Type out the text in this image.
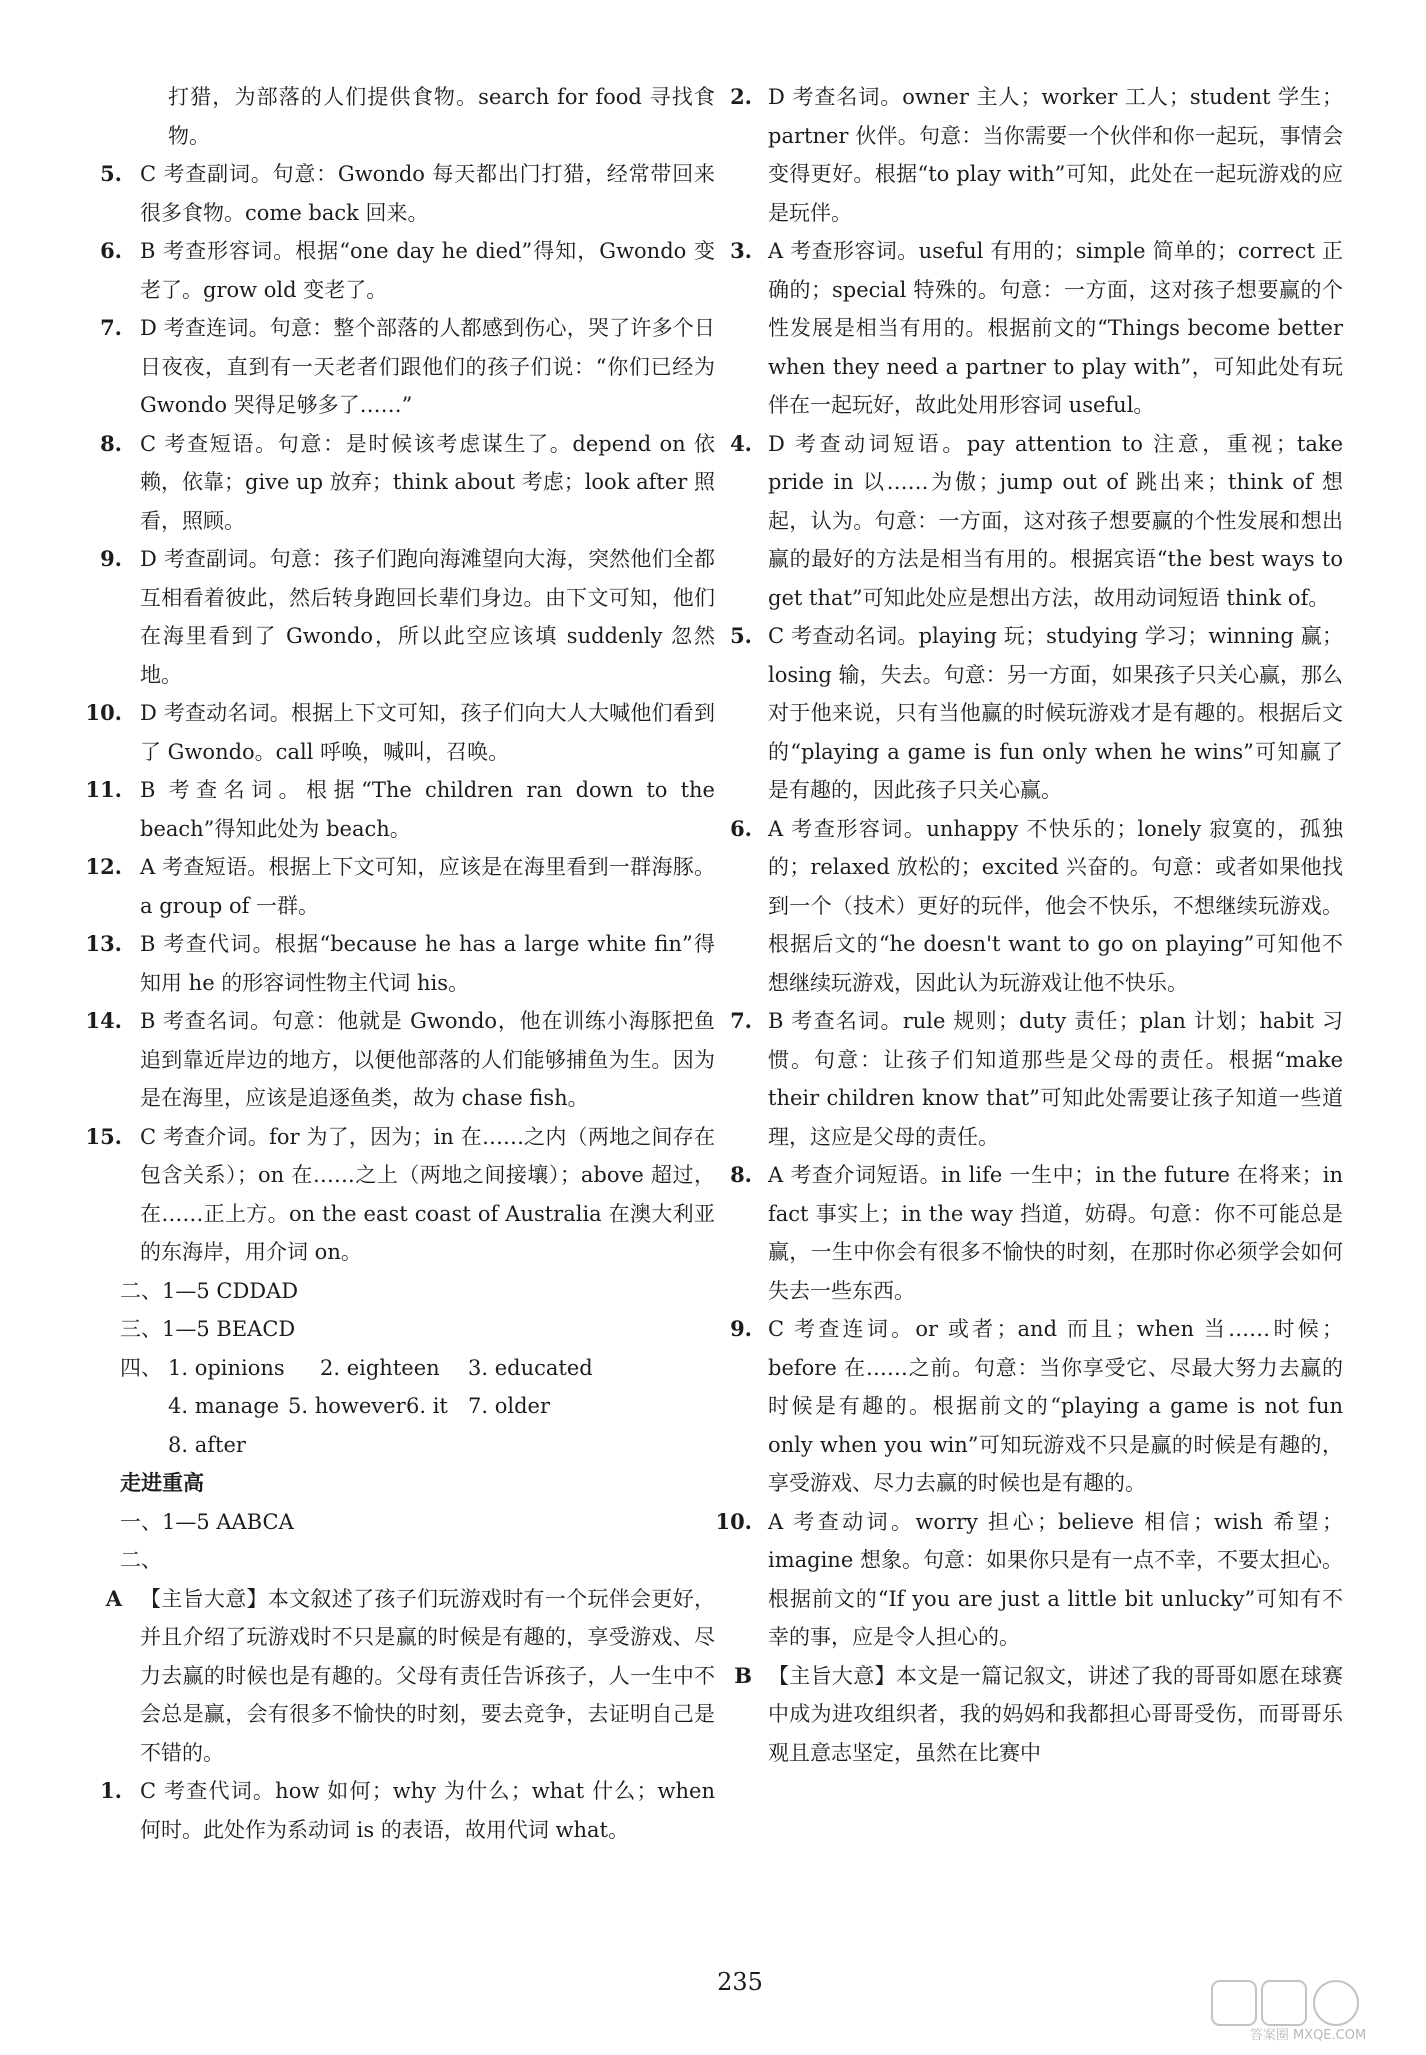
打猎，为部落的人们提供食物。search for food 寻找食物。
5. C 考查副词。句意：Gwondo 每天都出门打猎，经常带回来很多食物。come back 回来。
6. B 考查形容词。根据“one day he died”得知，Gwondo 变老了。grow old 变老了。
7. D 考查连词。句意：整个部落的人都感到伤心，哭了许多个日日夜夜，直到有一天老者们跟他们的孩子们说：“你们已经为 Gwondo 哭得足够多了……”
8. C 考查短语。句意：是时候该考虑谋生了。depend on 依赖，依靠；give up 放弃；think about 考虑；look after 照看，照顾。
9. D 考查副词。句意：孩子们跑向海滩望向大海，突然他们全都互相看着彼此，然后转身跑回长辈们身边。由下文可知，他们在海里看到了 Gwondo，所以此空应该填 suddenly 忽然地。
10. D 考查动名词。根据上下文可知，孩子们向大人大喊他们看到了 Gwondo。call 呼唤，喊叫，召唤。
11. B 考查名词。根据“The children ran down to the beach”得知此处为 beach。
12. A 考查短语。根据上下文可知，应该是在海里看到一群海豚。a group of 一群。
13. B 考查代词。根据“because he has a large white fin”得知用 he 的形容词性物主代词 his。
14. B 考查名词。句意：他就是 Gwondo，他在训练小海豚把鱼追到靠近岸边的地方，以便他部落的人们能够捕鱼为生。因为是在海里，应该是追逐鱼类，故为 chase fish。
15. C 考查介词。for 为了，因为；in 在……之内（两地之间存在包含关系）；on 在……之上（两地之间接壤）；above 超过，在……正上方。on the east coast of Australia 在澳大利亚的东海岸，用介词 on。
二、1—5 CDDAD
三、1—5 BEACD
四、 1. opinions	2. eighteen	3. educated
4. manage 5. however 6. it 7. older
8. after
走进重高
一、1—5 AABCA
二、
A 【主旨大意】本文叙述了孩子们玩游戏时有一个玩伴会更好，并且介绍了玩游戏时不只是赢的时候是有趣的，享受游戏、尽力去赢的时候也是有趣的。父母有责任告诉孩子，人一生中不会总是赢，会有很多不愉快的时刻，要去竞争，去证明自己是不错的。
1. C 考查代词。how 如何；why 为什么；what 什么；when 何时。此处作为系动词 is 的表语，故用代词 what。
2. D 考查名词。owner 主人；worker 工人；student 学生；partner 伙伴。句意：当你需要一个伙伴和你一起玩，事情会变得更好。根据“to play with”可知，此处在一起玩游戏的应是玩伴。
3. A 考查形容词。useful 有用的；simple 简单的；correct 正确的；special 特殊的。句意：一方面，这对孩子想要赢的个性发展是相当有用的。根据前文的“Things become better when they need a partner to play with”，可知此处有玩伴在一起玩好，故此处用形容词 useful。
4. D 考查动词短语。pay attention to 注意，重视；take pride in 以……为傲；jump out of 跳出来；think of 想起，认为。句意：一方面，这对孩子想要赢的个性发展和想出赢的最好的方法是相当有用的。根据宾语“the best ways to get that”可知此处应是想出方法，故用动词短语 think of。
5. C 考查动名词。playing 玩；studying 学习；winning 赢；losing 输，失去。句意：另一方面，如果孩子只关心赢，那么对于他来说，只有当他赢的时候玩游戏才是有趣的。根据后文的“playing a game is fun only when he wins”可知赢了是有趣的，因此孩子只关心赢。
6. A 考查形容词。unhappy 不快乐的；lonely 寂寞的，孤独的；relaxed 放松的；excited 兴奋的。句意：或者如果他找到一个（技术）更好的玩伴，他会不快乐，不想继续玩游戏。根据后文的“he doesn't want to go on playing”可知他不想继续玩游戏，因此认为玩游戏让他不快乐。
7. B 考查名词。rule 规则；duty 责任；plan 计划；habit 习惯。句意：让孩子们知道那些是父母的责任。根据“make their children know that”可知此处需要让孩子知道一些道理，这应是父母的责任。
8. A 考查介词短语。in life 一生中；in the future 在将来；in fact 事实上；in the way 挡道，妨碍。句意：你不可能总是赢，一生中你会有很多不愉快的时刻，在那时你必须学会如何失去一些东西。
9. C 考查连词。or 或者；and 而且；when 当……时候；before 在……之前。句意：当你享受它、尽最大努力去赢的时候是有趣的。根据前文的“playing a game is not fun only when you win”可知玩游戏不只是赢的时候是有趣的，享受游戏、尽力去赢的时候也是有趣的。
10. A 考查动词。worry 担心；believe 相信；wish 希望；imagine 想象。句意：如果你只是有一点不幸，不要太担心。根据前文的“If you are just a little bit unlucky”可知有不幸的事，应是令人担心的。
B 【主旨大意】本文是一篇记叙文，讲述了我的哥哥如愿在球赛中成为进攻组织者，我的妈妈和我都担心哥哥受伤，而哥哥乐观且意志坚定，虽然在比赛中
235
答案圈 MXQE.COM
